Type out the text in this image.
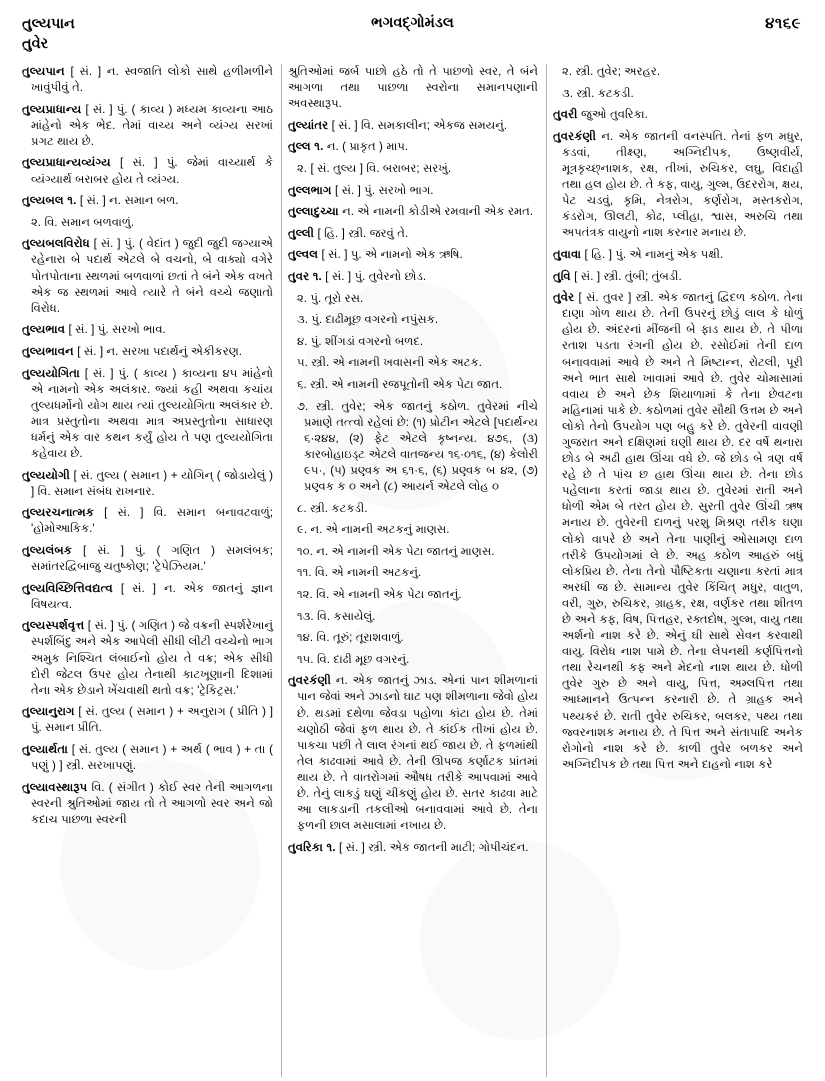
તુલ્યપાન
તુવેર
ભગવદ્ગોમંડલ	૪૧૬૯

તુલ્યપાન [ સં. ] ન. સ્વજાતિ લોકો સાથે હળીમળીને ખાવુંપીવું તે.

તુલ્યપ્રાધાન્ય [ સં. ] પું. ( કાવ્ય ) મધ્યમ કાવ્યના આઠ માંહેનો એક ભેદ. તેમાં વાચ્ય અને વ્યંગ્ય સરખાં પ્રગટ થાય છે.

તુલ્યપ્રાધાન્યવ્યંગ્ય [ સં. ] પું. જેમાં વાચ્યાર્થ કે વ્યંગ્યાર્થ બરાબર હોય તે વ્યંગ્ય.

તુલ્યબલ ૧. [ સં. ] ન. સમાન બળ.

૨. વિ. સમાન બળવાળું.

તુલ્યબલવિરોધ [ સં. ] પું. ( વેદાંત ) જુદી જુદી જગ્યાએ રહેનારા બે પદાર્થ એટલે બે વચનો, બે વાક્યો વગેરે પોતપોતાના સ્થળમાં બળવાળાં છતાં તે બંને એક વખતે એક જ સ્થળમાં આવે ત્યારે તે બંને વચ્ચે જણાતો વિરોધ.

તુલ્યભાવ [ સં. ] પું. સરખો ભાવ.

તુલ્યભાવન [ સં. ] ન. સરખા પદાર્થનું એકીકરણ.

તુલ્યયોગિતા [ સં. ] પું. ( કાવ્ય ) કાવ્યના ૪૫ માંહેનો એ નામનો એક અલંકાર. જ્યાં કહી અથવા કચાંય તુલ્યધર્મોનો યોગ થાય ત્યાં તુલ્યયોગિતા અલંકાર છે. માત્ર પ્રસ્તુતોના અથવા માત્ર અપ્રસ્તુતોના સાધારણ ધર્મનું એક વાર કથન કર્યું હોય તે પણ તુલ્યયોગિતા કહેવાય છે.

તુલ્યયોગી [ સં. તુલ્ય ( સમાન ) + યોગિન્ ( જોડાયેલું ) ] વિ. સમાન સંબંધ રાખનાર.

તુલ્યરચનાત્મક [ સં. ] વિ. સમાન બનાવટવાળું; 'હોમોઆકિક.'

તુલ્યલંબક [ સં. ] પું. ( ગણિત ) સમલંબક; સમાંતરદ્વિબાજુ ચતુષ્કોણ; 'ટ્રેપેઝિયમ.'

તુલ્યવિચ્છિત્તિવદ્યત્વ [ સં. ] ન. એક જાતનું જ્ઞાન વિષયત્વ.

તુલ્યસ્પર્શવૃત્ત [ સં. ] પું. ( ગણિત ) જે વક્રની સ્પર્શરેખાનું સ્પર્શબિંદુ અને એક આપેલી સીધી લીટી વચ્ચેનો ભાગ અમુક નિશ્ચિત લંબાઈનો હોય તે વક્ર; એક સીધી દોરી જેટલ ઉપર હોય તેનાથી કાટખૂણાની દિશામાં તેના એક છેડાને ખેંચવાથી થતો વક્ર; 'ટ્રેકિટ્રસ.'

તુલ્યાનુરાગ [ સં. તુલ્ય ( સમાન ) + અનુરાગ ( પ્રીતિ ) ] પું. સમાન પ્રીતિ.

તુલ્યાર્થતા [ સં. તુલ્ય ( સમાન ) + અર્થ ( ભાવ ) + તા ( પણું ) ] સ્ત્રી. સરખાપણું.

તુલ્યાવસ્થારૂપ વિ. ( સંગીત ) કોઈ સ્વર તેની આગળના સ્વરની શ્રુતિઓમાં જાય તો તે આગળો સ્વર અને જો કદાચ પાછળા સ્વરની

શ્રુતિઓમાં જર્બ પાછો હઠે તો તે પાછળો સ્વર, તે બંને આગળા તથા પાછળા સ્વરોના સમાનપણાની અવસ્થારૂપ.

તુલ્યાંતર [ સં. ] વિ. સમકાલીન; એકજ સમયનું.

તુલ્લ ૧. ન. ( પ્રાકૃત ) માપ.

૨. [ સં. તુલ્ય ] વિ. બરાબર; સરખું.

તુલ્લભાગ [ સં. ] પું. સરખો ભાગ.

તુલ્લાદુચ્ચા ન. એ નામની કોડીએ રમવાની એક રમત.

તુલ્લી [ હિ. ] સ્ત્રી. જરવું તે.

તુલ્વલ [ સં. ] પુ. એ નામનો એક ઋષિ.

તુવર ૧. [ સં. ] પું. તુવેરનો છોડ.

૨. પું. તૂરો રસ.

૩. પું. દાઢીમૂછ વગરનો નપુંસક.

૪. પું. શીંગડાં વગરનો બળદ.

૫. સ્ત્રી. એ નામની ખવાસની એક અટક.

૬. સ્ત્રી. એ નામની રજપૂતોની એક પેટા જાત.

૭. સ્ત્રી. તુવેર; એક જાતનું કઠોળ. તુવેરમાં નીચે પ્રમાણે તત્ત્વો રહેલાં છે: (૧) પ્રોટીન એટલે [પદાર્થન્ય ૬·૨૪૪, (૨) ફેટ એટલે કૃષ્નન્ય. ૪૭૬, (૩) કારબોહાઇડ્ટ એટલે વાતજન્ય ૧૬·૦૧૬, (૪) કેલોરી ૯૫·, (૫) પ્રણ્વક અ ૬૧·૬, (૬) પ્રણ્વક બ ૪૨, (૭) પ્રણ્વક ક ૦ અને (૮) આયર્ન એટલે લોહ ૦

૮. સ્ત્રી. કટકડી.

૯. ન. એ નામની અટકનું માણસ.

૧૦. ન. એ નામની એક પેટા જાતનું માણસ.

૧૧. વિ. એ નામની અટકનું.

૧૨. વિ. એ નામની એક પેટા જાતનું.

૧૩. વિ. કસાયેલું.

૧૪. વિ. તૂરું; તૂરાશવાળું.

૧૫. વિ. દાઢી મૂછ વગરનું.

તુવરકંણી ન. એક જાતનું ઝાડ. એનાં પાન શીમળાનાં પાન જેવાં અને ઝાડનો ઘાટ પણ શીમળાના જેવો હોય છે. થડમાં દથેળા જેવડા પહોળા કાંટા હોય છે. તેમાં ચણોઠી જેવાં ફળ થાય છે. તે કાંઈક તીખાં હોય છે. પાકચા પછી તે લાલ રંગનાં થઈ જાય છે. તે ફળમાંથી તેલ કાઢવામાં આવે છે. તેની ઊપજ કર્ણાટક પ્રાંતમાં થાય છે. તે વાતરોગમાં ઔષધ તરીકે આપવામાં આવે છે. તેનું લાકડું ઘણું ચીકણું હોય છે. સતર કાઢવા માટે આ લાકડાની તકલીઓ બનાવવામાં આવે છે. તેના ફળની છાલ મસાલામાં નખાય છે.

તુવરિકા ૧. [ સં. ] સ્ત્રી. એક જાતની માટી; ગોપીચંદન.

૨. સ્ત્રી. તુવેર; અરહર.

૩. સ્ત્રી. કટકડી.

તુવરી જુઓ તુવરિકા.

તુવરકંણી ન. એક જાતની વનસ્પતિ. તેનાં ફળ મધુર, કડવાં, તીક્ષ્ણ, અગ્નિદીપક, ઉષ્ણવીર્ય, મૂત્રકૃચ્છ્નાશક, રક્ષ, તીખાં, રુચિકર, લઘુ, વિદાહી તથા હલ હોય છે. તે કફ, વાયુ, ગુલ્મ, ઉદરરોગ, ક્ષય, પેટ ચડવું, કૃમિ, નેત્રરોગ, કર્ણરોગ, મસ્તકરોગ, કંડરોગ, ઊલટી, કોઢ, પ્લીહા, શ્વાસ, અરુચિ તથા અપતંત્રક વાયુનો નાશ કરનાર મનાય છે.

તુવાવા [ હિ. ] પું. એ નામનું એક પક્ષી.

તુવિ [ સં. ] સ્ત્રી. તુંબી; તુંબડી.

તુવેર [ સં. તુવર ] સ્ત્રી. એક જાતનું દ્વિદળ કઠોળ. તેના દાણા ગોળ થાય છે. તેની ઉપરનું છોડું લાલ કે ધોળું હોય છે. અંદરનાં મીંજની બે ફાડ થાય છે. તે પીળા રતાશ પડતા રંગની હોય છે. રસોઈમાં તેની દાળ બનાવવામાં આવે છે અને તે મિષ્ટાન્ન, રોટલી, પૂરી અને ભાત સાથે ખાવામાં આવે છે. તુવેર ચોમાસામાં વવાય છે અને છેક શિયાળામાં કે તેના છેવટના મહિનામાં પાકે છે. કઠોળમાં તુવેર સૌથી ઉત્તમ છે અને લોકો તેનો ઉપયોગ પણ બહુ કરે છે. તુવેરની વાવણી ગુજરાત અને દક્ષિણમાં ઘણી થાય છે. દર વર્ષે થનારા છોડ બે અઢી હાથ ઊંચા વધે છે. જે છોડ બે ત્રણ વર્ષ રહે છે તે પાંચ છ હાથ ઊંચા થાય છે. તેના છોડ પહેલાના કરતાં જાડા થાય છે. તુવેરમાં રાતી અને ધોળી એમ બે તરત હોય છે. સુરતી તુવેર ઊંચી ઋષ મનાય છે. તુવેરની દાળનું પરશુ મિશ્રણ તરીક ઘણા લોકો વાપરે છે અને તેના પાણીનું ઓસામણ દાળ તરીકે ઉપયોગમાં લે છે. અહ કઠોળ આહરું બધું લોકપ્રિય છે. તેના તેનો પૌષ્ટિકતા ચણાના કરતાં માત્ર અરધી જ છે. સામાન્ય તુવેર કિંચિત્ મધુર, વાતુળ, વરી, ગુરુ, રુચિકર, ગ્રાહક, રક્ષ, વર્ણકર તથા શીતળ છે અને કફ, વિષ, પિત્તહર, રક્તદોષ, ગુલ્મ, વાયુ તથા અર્શનો નાશ કરે છે. એનું ઘી સાથે સેવન કરવાથી વાયુ. વિરોધ નાશ પામે છે. તેના લેપનથી કર્ણપિત્તનો તથા રેચનથી કફ અને મેદનો નાશ થાય છે. ધોળી તુવેર ગુરુ છે અને વાયુ, પિત્ત, અમ્લપિત્ત તથા આધ્માનને ઉત્પન્ન કરનારી છે. તે ગ્રાહક અને પથ્યકરં છે. રાતી તુવેર રુચિકર, બલકર, પથ્ય તથા જ્વરનાશક મનાય છે. તે પિત્ત અને સંતાપાદિ અનેક રોગોનો નાશ કરે છે. કાળી તુવેર બળકર અને અગ્નિદીપક છે તથા પિત્ત અને દાહનો નાશ કરે
